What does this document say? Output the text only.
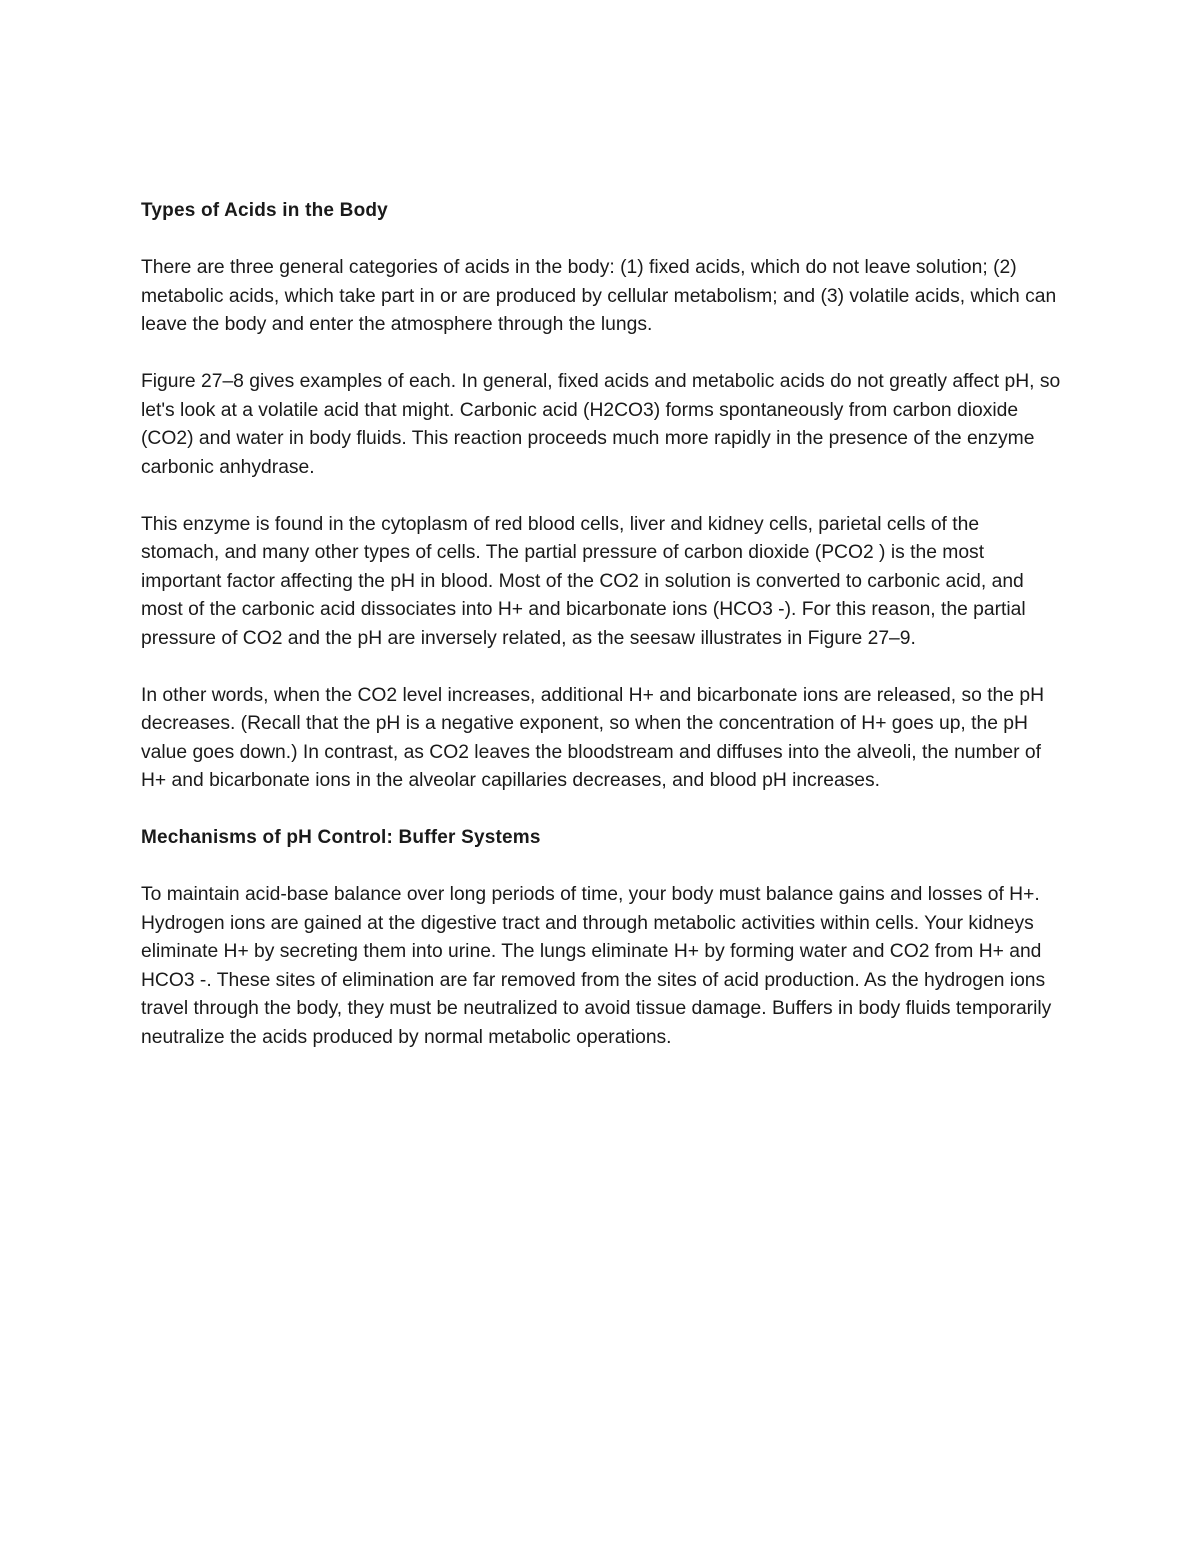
Types of Acids in the Body

There are three general categories of acids in the body: (1) fixed acids, which do not leave solution; (2) metabolic acids, which take part in or are produced by cellular metabolism; and (3) volatile acids, which can leave the body and enter the atmosphere through the lungs.

Figure 27–8 gives examples of each. In general, fixed acids and metabolic acids do not greatly affect pH, so let's look at a volatile acid that might. Carbonic acid (H2CO3) forms spontaneously from carbon dioxide (CO2) and water in body fluids. This reaction proceeds much more rapidly in the presence of the enzyme carbonic anhydrase.

This enzyme is found in the cytoplasm of red blood cells, liver and kidney cells, parietal cells of the stomach, and many other types of cells. The partial pressure of carbon dioxide (PCO2 ) is the most important factor affecting the pH in blood. Most of the CO2 in solution is converted to carbonic acid, and most of the carbonic acid dissociates into H+ and bicarbonate ions (HCO3 -). For this reason, the partial pressure of CO2 and the pH are inversely related, as the seesaw illustrates in Figure 27–9.

In other words, when the CO2 level increases, additional H+ and bicarbonate ions are released, so the pH decreases. (Recall that the pH is a negative exponent, so when the concentration of H+ goes up, the pH value goes down.) In contrast, as CO2 leaves the bloodstream and diffuses into the alveoli, the number of H+ and bicarbonate ions in the alveolar capillaries decreases, and blood pH increases.

Mechanisms of pH Control: Buffer Systems

To maintain acid-base balance over long periods of time, your body must balance gains and losses of H+. Hydrogen ions are gained at the digestive tract and through metabolic activities within cells. Your kidneys eliminate H+ by secreting them into urine. The lungs eliminate H+ by forming water and CO2 from H+ and HCO3 -. These sites of elimination are far removed from the sites of acid production. As the hydrogen ions travel through the body, they must be neutralized to avoid tissue damage. Buffers in body fluids temporarily neutralize the acids produced by normal metabolic operations.
